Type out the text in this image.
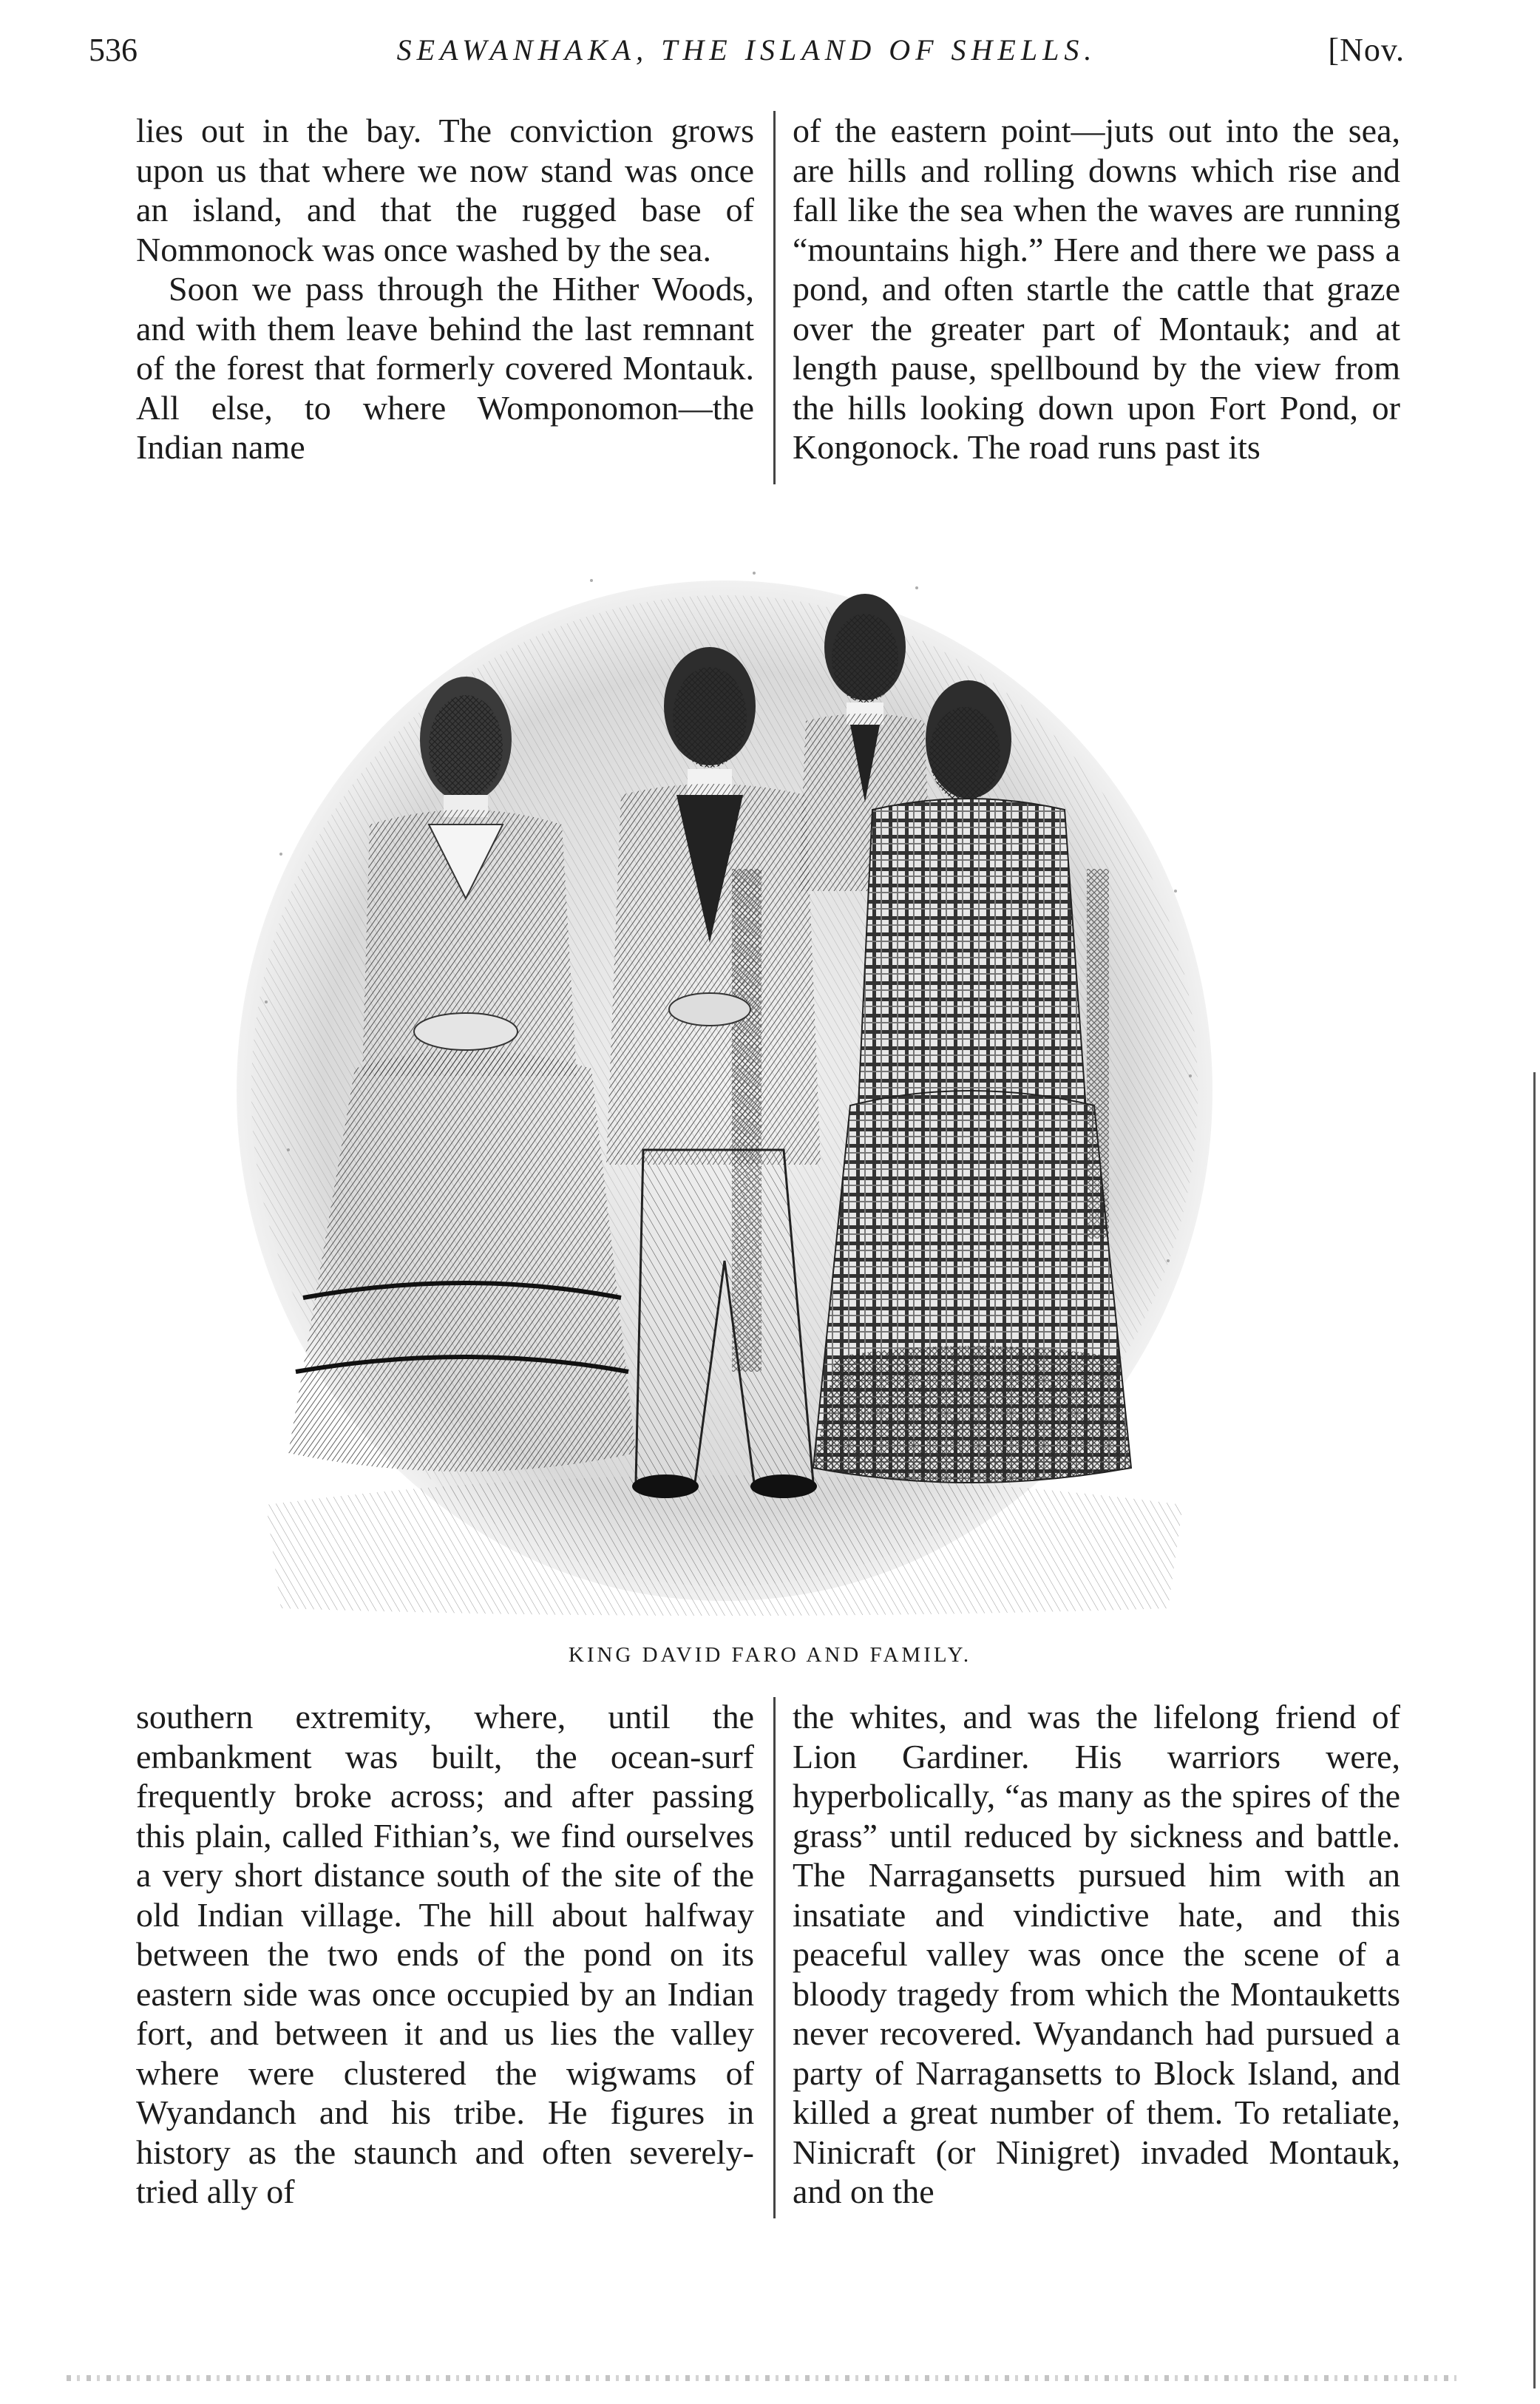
536	SEAWANHAKA, THE ISLAND OF SHELLS.	[Nov.

lies out in the bay. The conviction grows upon us that where we now stand was once an island, and that the rugged base of Nommonock was once washed by the sea.

Soon we pass through the Hither Woods, and with them leave behind the last remnant of the forest that formerly covered Montauk. All else, to where Womponomon—the Indian name

of the eastern point—juts out into the sea, are hills and rolling downs which rise and fall like the sea when the waves are running “mountains high.” Here and there we pass a pond, and often startle the cattle that graze over the greater part of Montauk; and at length pause, spellbound by the view from the hills looking down upon Fort Pond, or Kongonock. The road runs past its

KING DAVID FARO AND FAMILY.

southern extremity, where, until the embankment was built, the ocean-surf frequently broke across; and after passing this plain, called Fithian’s, we find ourselves a very short distance south of the site of the old Indian village. The hill about halfway between the two ends of the pond on its eastern side was once occupied by an Indian fort, and between it and us lies the valley where were clustered the wigwams of Wyandanch and his tribe. He figures in history as the staunch and often severely-tried ally of

the whites, and was the lifelong friend of Lion Gardiner. His warriors were, hyperbolically, “as many as the spires of the grass” until reduced by sickness and battle. The Narragansetts pursued him with an insatiate and vindictive hate, and this peaceful valley was once the scene of a bloody tragedy from which the Montauketts never recovered. Wyandanch had pursued a party of Narragansetts to Block Island, and killed a great number of them. To retaliate, Ninicraft (or Ninigret) invaded Montauk, and on the
